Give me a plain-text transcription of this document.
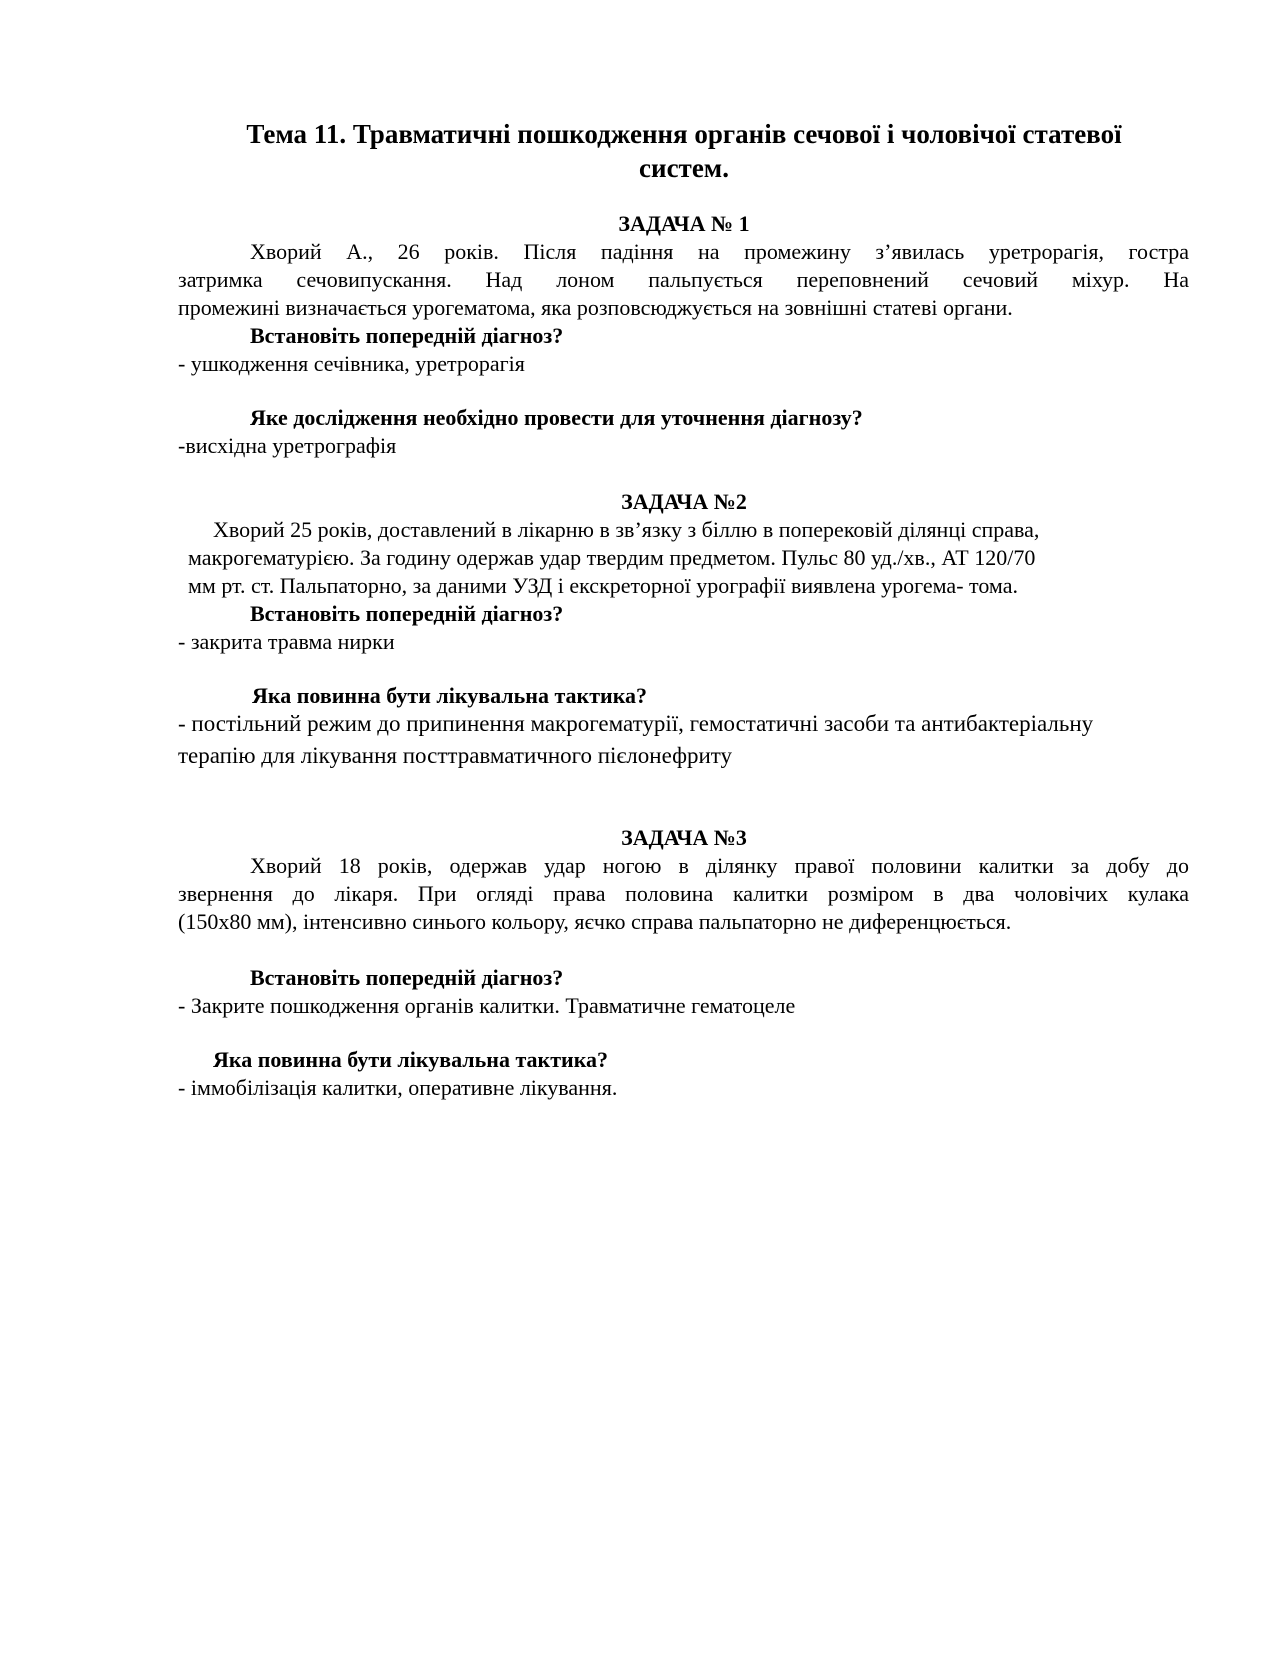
Тема 11. Травматичні пошкодження органів сечової і чоловічої статевої
систем.
ЗАДАЧА № 1
Хворий А., 26 років. Після падіння на промежину з’явилась уретрорагія, гостра
затримка сечовипускання. Над лоном пальпується переповнений сечовий міхур. На
промежині визначається урогематома, яка розповсюджується на зовнішні статеві органи.
Встановіть попередній діагноз?
- ушкодження сечівника, уретрорагія
Яке дослідження необхідно провести для уточнення діагнозу?
-висхідна уретрографія
ЗАДАЧА №2
Хворий 25 років, доставлений в лікарню в зв’язку з біллю в поперековій ділянці справа,
макрогематурією. За годину одержав удар твердим предметом. Пульс 80 уд./хв., АТ 120/70
мм рт. ст. Пальпаторно, за даними УЗД і екскреторної урографії виявлена урогема- тома.
Встановіть попередній діагноз?
- закрита травма нирки
Яка повинна бути лікувальна тактика?
- постільний режим до припинення макрогематурії, гемостатичні засоби та антибактеріальну
терапію для лікування посттравматичного пієлонефриту
ЗАДАЧА №3
Хворий 18 років, одержав удар ногою в ділянку правої половини калитки за добу до
звернення до лікаря. При огляді права половина калитки розміром в два чоловічих кулака
(150х80 мм), інтенсивно синього кольору, яєчко справа пальпаторно не диференцюється.
Встановіть попередній діагноз?
- Закрите пошкодження органів калитки. Травматичне гематоцеле
Яка повинна бути лікувальна тактика?
- іммобілізація калитки, оперативне лікування.
